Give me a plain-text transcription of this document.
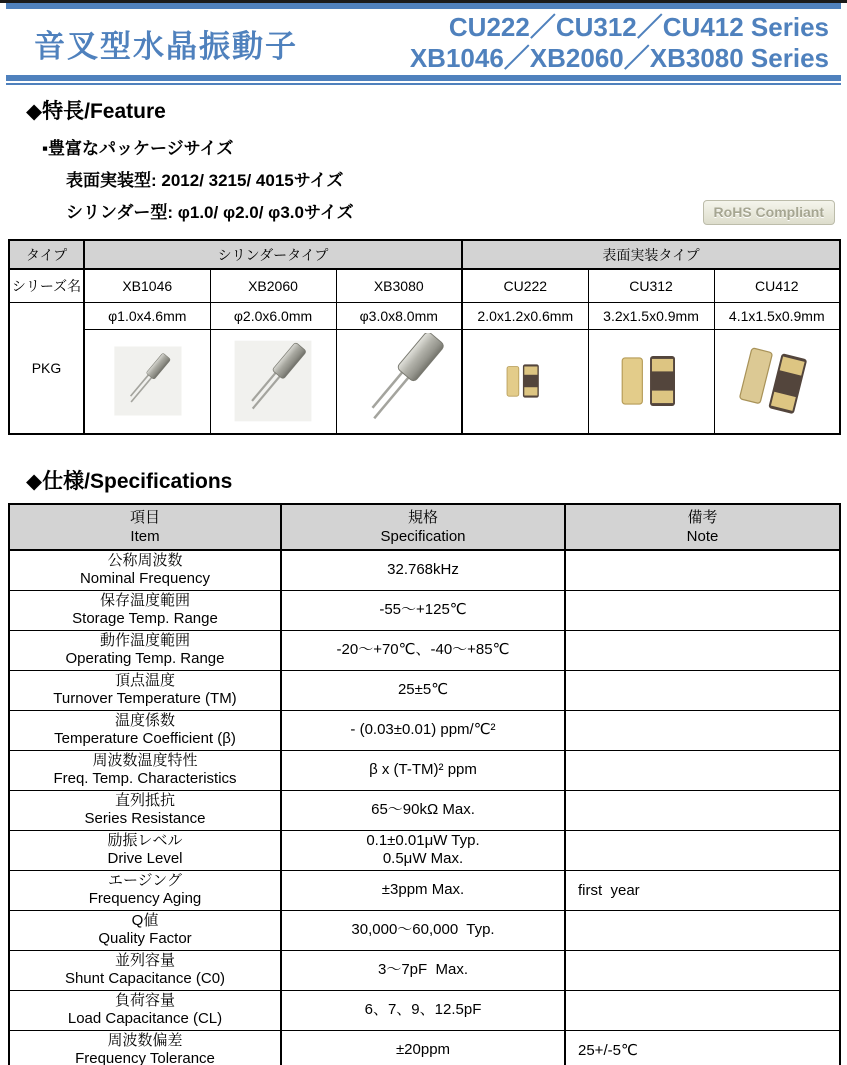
音叉型水晶振動子
CU222／CU312／CU412 Series
XB1046／XB2060／XB3080 Series
◆特長/Feature
▪豊富なパッケージサイズ
表面実装型: 2012/ 3215/ 4015サイズ
シリンダー型: φ1.0/ φ2.0/ φ3.0サイズ	RoHS Compliant
タイプ	シリンダータイプ			表面実装タイプ		
シリーズ名	XB1046	XB2060	XB3080	CU222	CU312	CU412
PKG	φ1.0x4.6mm	φ2.0x6.0mm	φ3.0x8.0mm	2.0x1.2x0.6mm	3.2x1.5x0.9mm	4.1x1.5x0.9mm

◆仕様/Specifications
項目
Item	規格
Specification	備考
Note

公称周波数
Nominal Frequency	32.768kHz	

保存温度範囲
Storage Temp. Range	-55～+125℃	

動作温度範囲
Operating Temp. Range	-20～+70℃、-40～+85℃	

頂点温度
Turnover Temperature (TM)	25±5℃	

温度係数
Temperature Coefficient (β)	- (0.03±0.01) ppm/℃²	

周波数温度特性
Freq. Temp. Characteristics	β x (T-TM)² ppm	

直列抵抗
Series Resistance	65～90kΩ Max.	

励振レベル
Drive Level	0.1±0.01μW Typ.
0.5μW Max.	

エージング
Frequency Aging	±3ppm Max.	first  year

Q値
Quality Factor	30,000～60,000  Typ.	

並列容量
Shunt Capacitance (C0)	3～7pF  Max.	

負荷容量
Load Capacitance (CL)	6、7、9、12.5pF	

周波数偏差
Frequency Tolerance	±20ppm	25+/-5℃
